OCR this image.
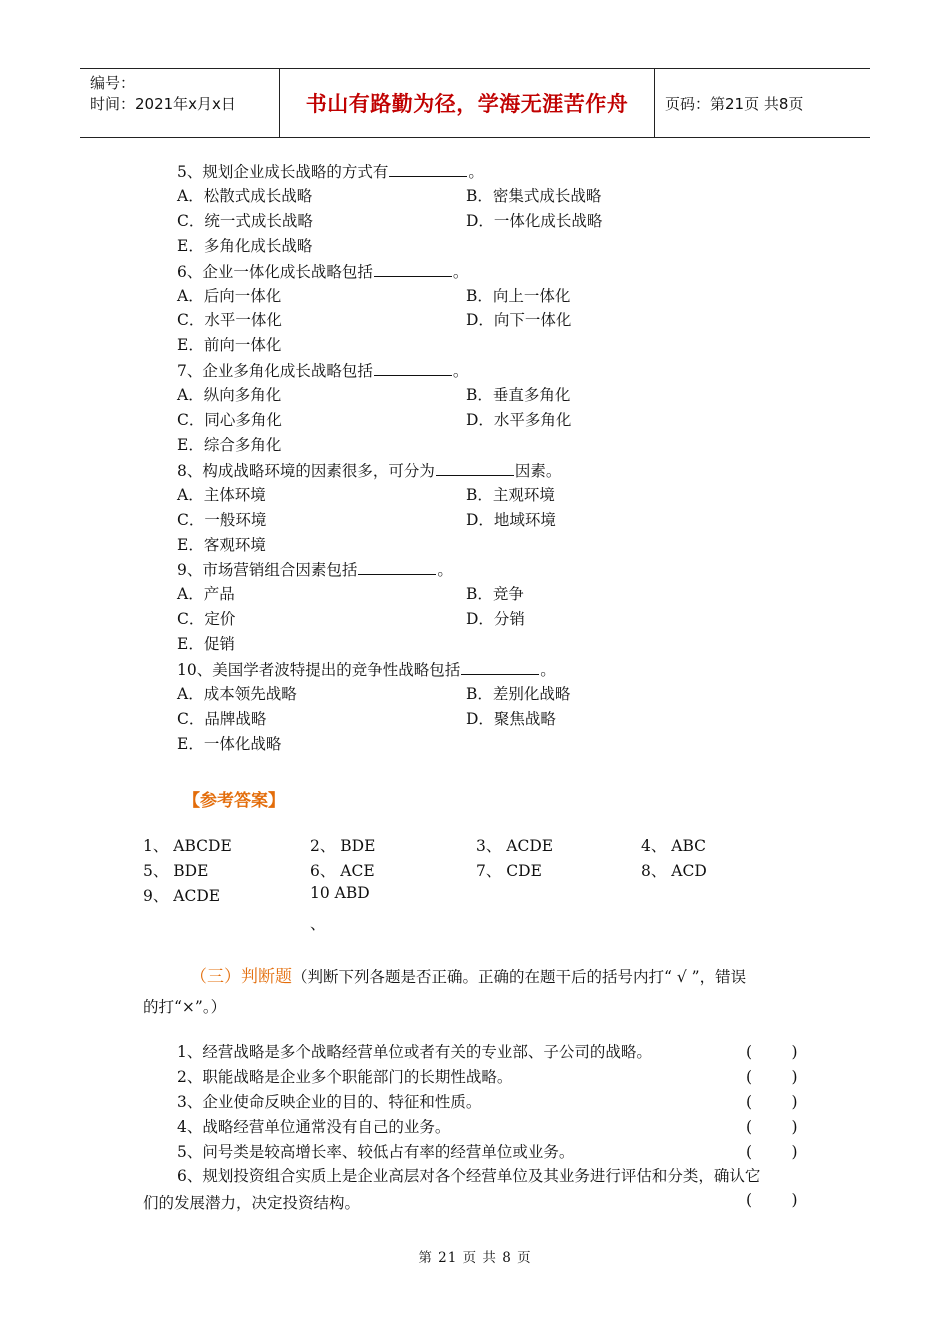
编号：
时间：2021年x月x日	书山有路勤为径，学海无涯苦作舟	页码：第21页 共8页
5、规划企业成长战略的方式有	。
A．松散式成长战略	B．密集式成长战略
C．统一式成长战略	D．一体化成长战略
E．多角化成长战略
6、企业一体化成长战略包括	。
A．后向一体化	B．向上一体化
C．水平一体化	D．向下一体化
E．前向一体化
7、企业多角化成长战略包括	。
A．纵向多角化	B．垂直多角化
C．同心多角化	D．水平多角化
E．综合多角化
8、构成战略环境的因素很多，可分为	因素。
A．主体环境	B．主观环境
C．一般环境	D．地域环境
E．客观环境
9、市场营销组合因素包括	。
A．产品	B．竞争
C．定价	D．分销
E．促销
10、美国学者波特提出的竞争性战略包括	。
A．成本领先战略	B．差别化战略
C．品牌战略	D．聚焦战略
E．一体化战略
【参考答案】
1、 ABCDE	2、 BDE	3、 ACDE	4、 ABC
5、 BDE	6、 ACE	7、 CDE	8、 ACD
9、 ACDE	10 ABD
、
（三）判断题（判断下列各题是否正确。正确的在题干后的括号内打“ √ ”，错误
的打“×”。）
1、经营战略是多个战略经营单位或者有关的专业部、子公司的战略。	(        )
2、职能战略是企业多个职能部门的长期性战略。	(        )
3、企业使命反映企业的目的、特征和性质。	(        )
4、战略经营单位通常没有自己的业务。	(        )
5、问号类是较高增长率、较低占有率的经营单位或业务。	(        )
6、规划投资组合实质上是企业高层对各个经营单位及其业务进行评估和分类，确认它
们的发展潜力，决定投资结构。	(        )
第 21 页 共 8 页
